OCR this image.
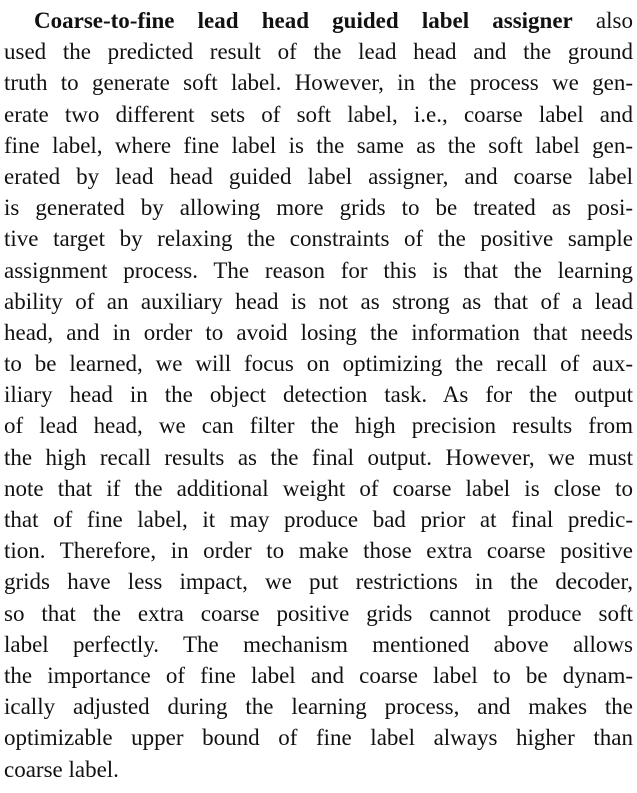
Coarse-to-fine lead head guided label assigner also
used the predicted result of the lead head and the ground
truth to generate soft label. However, in the process we gen-
erate two different sets of soft label, i.e., coarse label and
fine label, where fine label is the same as the soft label gen-
erated by lead head guided label assigner, and coarse label
is generated by allowing more grids to be treated as posi-
tive target by relaxing the constraints of the positive sample
assignment process. The reason for this is that the learning
ability of an auxiliary head is not as strong as that of a lead
head, and in order to avoid losing the information that needs
to be learned, we will focus on optimizing the recall of aux-
iliary head in the object detection task. As for the output
of lead head, we can filter the high precision results from
the high recall results as the final output. However, we must
note that if the additional weight of coarse label is close to
that of fine label, it may produce bad prior at final predic-
tion. Therefore, in order to make those extra coarse positive
grids have less impact, we put restrictions in the decoder,
so that the extra coarse positive grids cannot produce soft
label perfectly. The mechanism mentioned above allows
the importance of fine label and coarse label to be dynam-
ically adjusted during the learning process, and makes the
optimizable upper bound of fine label always higher than
coarse label.
